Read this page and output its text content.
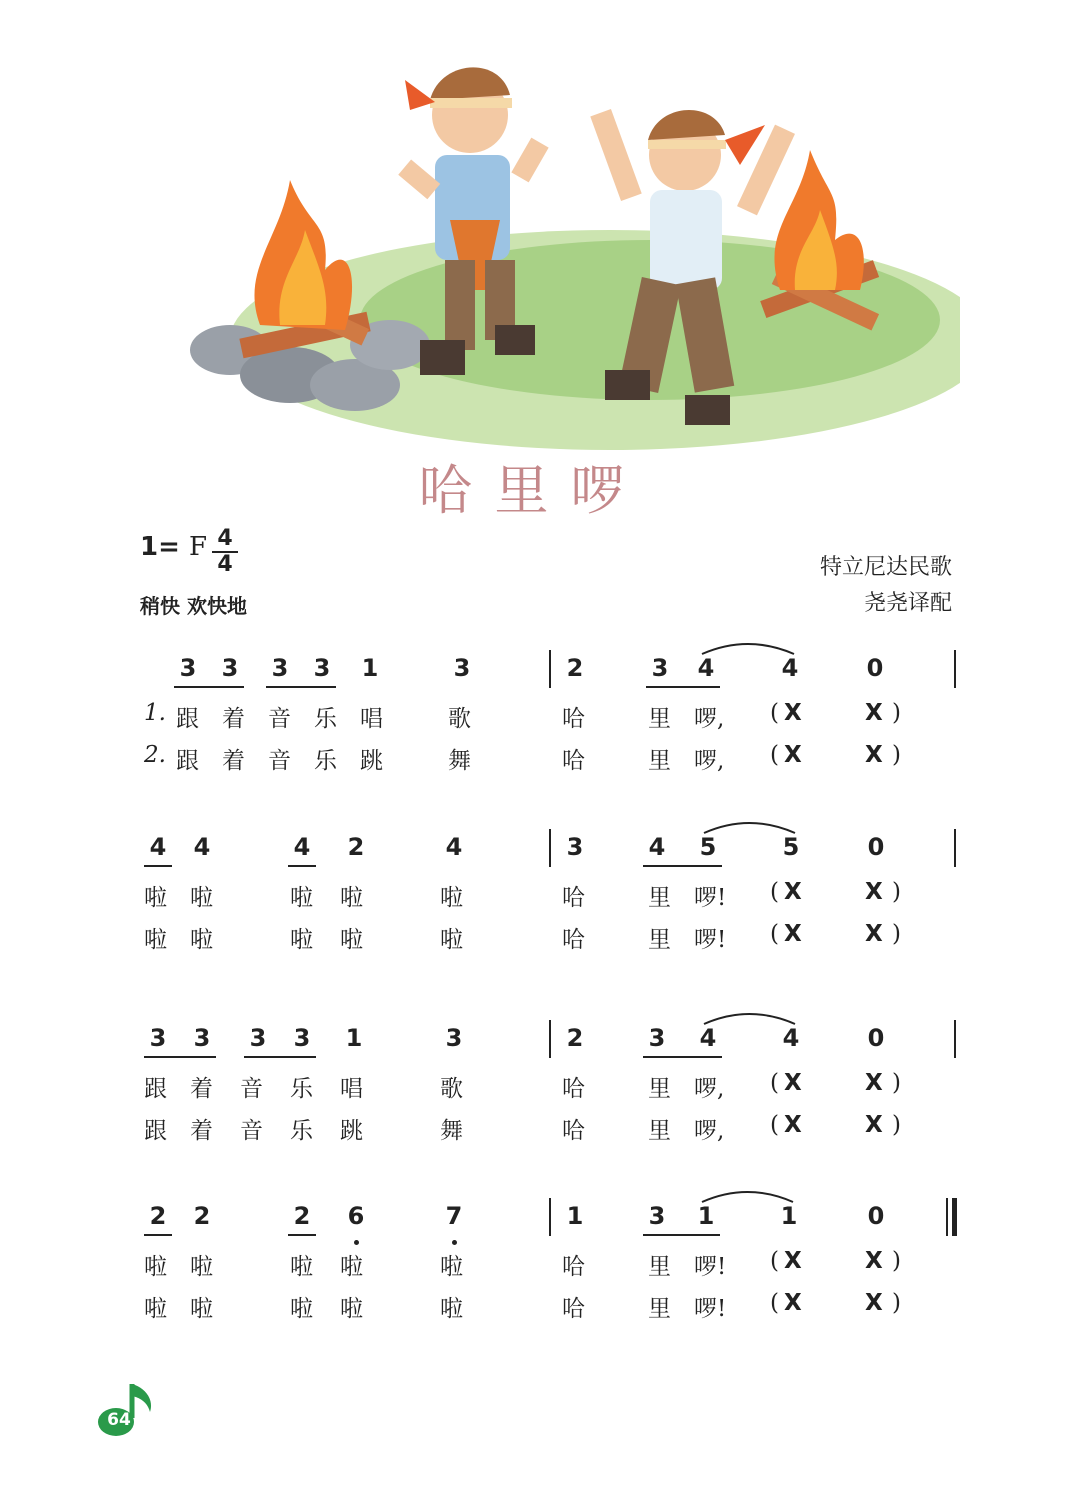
哈里啰
1= F 4
4
稍快 欢快地
特立尼达民歌
尧尧译配
3 3 3 3 1	3	2	3 4	4	0
1. 跟 着 音 乐 唱	歌	哈	里 啰, ( X	X )
2. 跟 着 音 乐 跳	舞	哈	里 啰, ( X	X )
4 4	4 2	4	3	4 5	5	0
啦 啦	啦 啦	啦	哈	里 啰! ( X	X )
啦 啦	啦 啦	啦	哈	里 啰! ( X	X )
3 3 3 3 1	3	2	3 4	4	0
跟 着 音 乐 唱	歌	哈	里 啰, ( X	X )
跟 着 音 乐 跳	舞	哈	里 啰, ( X	X )
2 2	2 6	7	1	3 1	1	0
啦 啦	啦 啦	啦	哈	里 啰! ( X	X )
啦 啦	啦 啦	啦	哈	里 啰! ( X	X )
64
